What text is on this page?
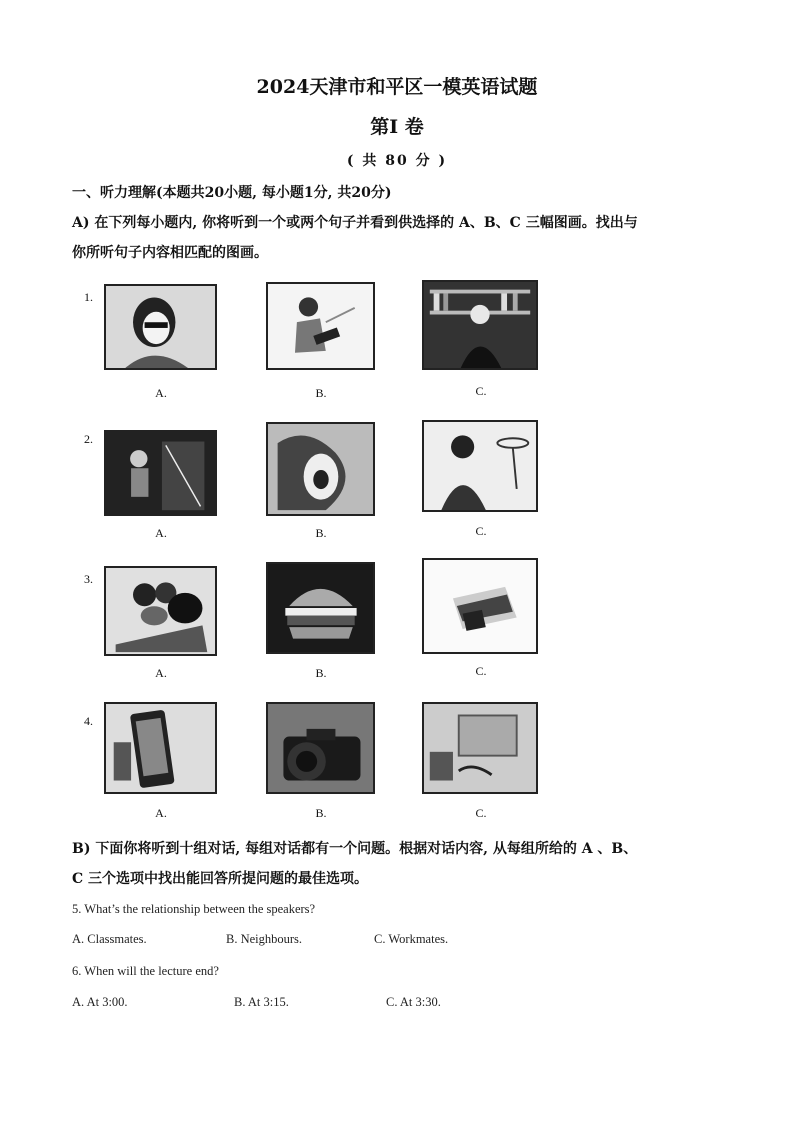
2024天津市和平区一模英语试题
第I 卷
( 共 80 分 )
一、听力理解(本题共20小题, 每小题1分, 共20分)
A) 在下列每小题内, 你将听到一个或两个句子并看到供选择的 A、B、C 三幅图画。找出与
你所听句子内容相匹配的图画。
1.
A.	B.	C.
2.
A.	B.	C.
3.
A.	B.	C.
4.
A.	B.	C.
B) 下面你将听到十组对话, 每组对话都有一个问题。根据对话内容, 从每组所给的 A 、B、
C 三个选项中找出能回答所提问题的最佳选项。
5. What’s the relationship between the speakers?
A. Classmates.	B. Neighbours.	C. Workmates.
6. When will the lecture end?
A. At 3:00.	B. At 3:15.	C. At 3:30.
